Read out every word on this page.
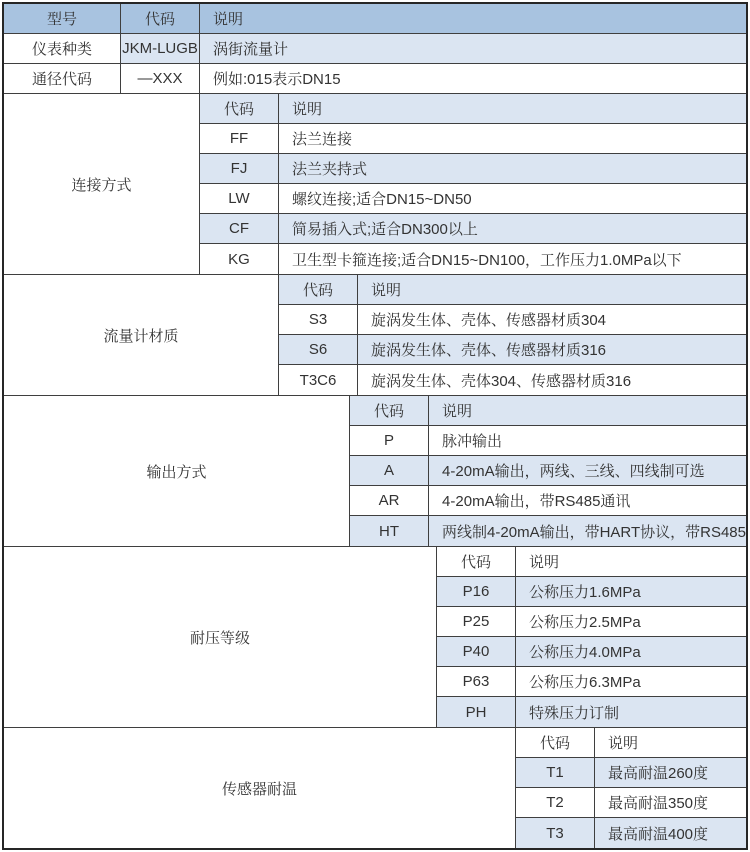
型号	代码	说明
仪表种类	JKM-LUGB	涡街流量计
通径代码	—XXX	例如:015表示DN15
连接方式
代码	说明
FF	法兰连接
FJ	法兰夹持式
LW	螺纹连接;适合DN15~DN50
CF	简易插入式;适合DN300以上
KG	卫生型卡箍连接;适合DN15~DN100，工作压力1.0MPa以下
流量计材质
代码	说明
S3	旋涡发生体、壳体、传感器材质304
S6	旋涡发生体、壳体、传感器材质316
T3C6	旋涡发生体、壳体304、传感器材质316
输出方式
代码	说明
P	脉冲输出
A	4-20mA输出，两线、三线、四线制可选
AR	4-20mA输出，带RS485通讯
HT	两线制4-20mA输出，带HART协议，带RS485
耐压等级
代码	说明
P16	公称压力1.6MPa
P25	公称压力2.5MPa
P40	公称压力4.0MPa
P63	公称压力6.3MPa
PH	特殊压力订制
传感器耐温
代码	说明
T1	最高耐温260度
T2	最高耐温350度
T3	最高耐温400度
